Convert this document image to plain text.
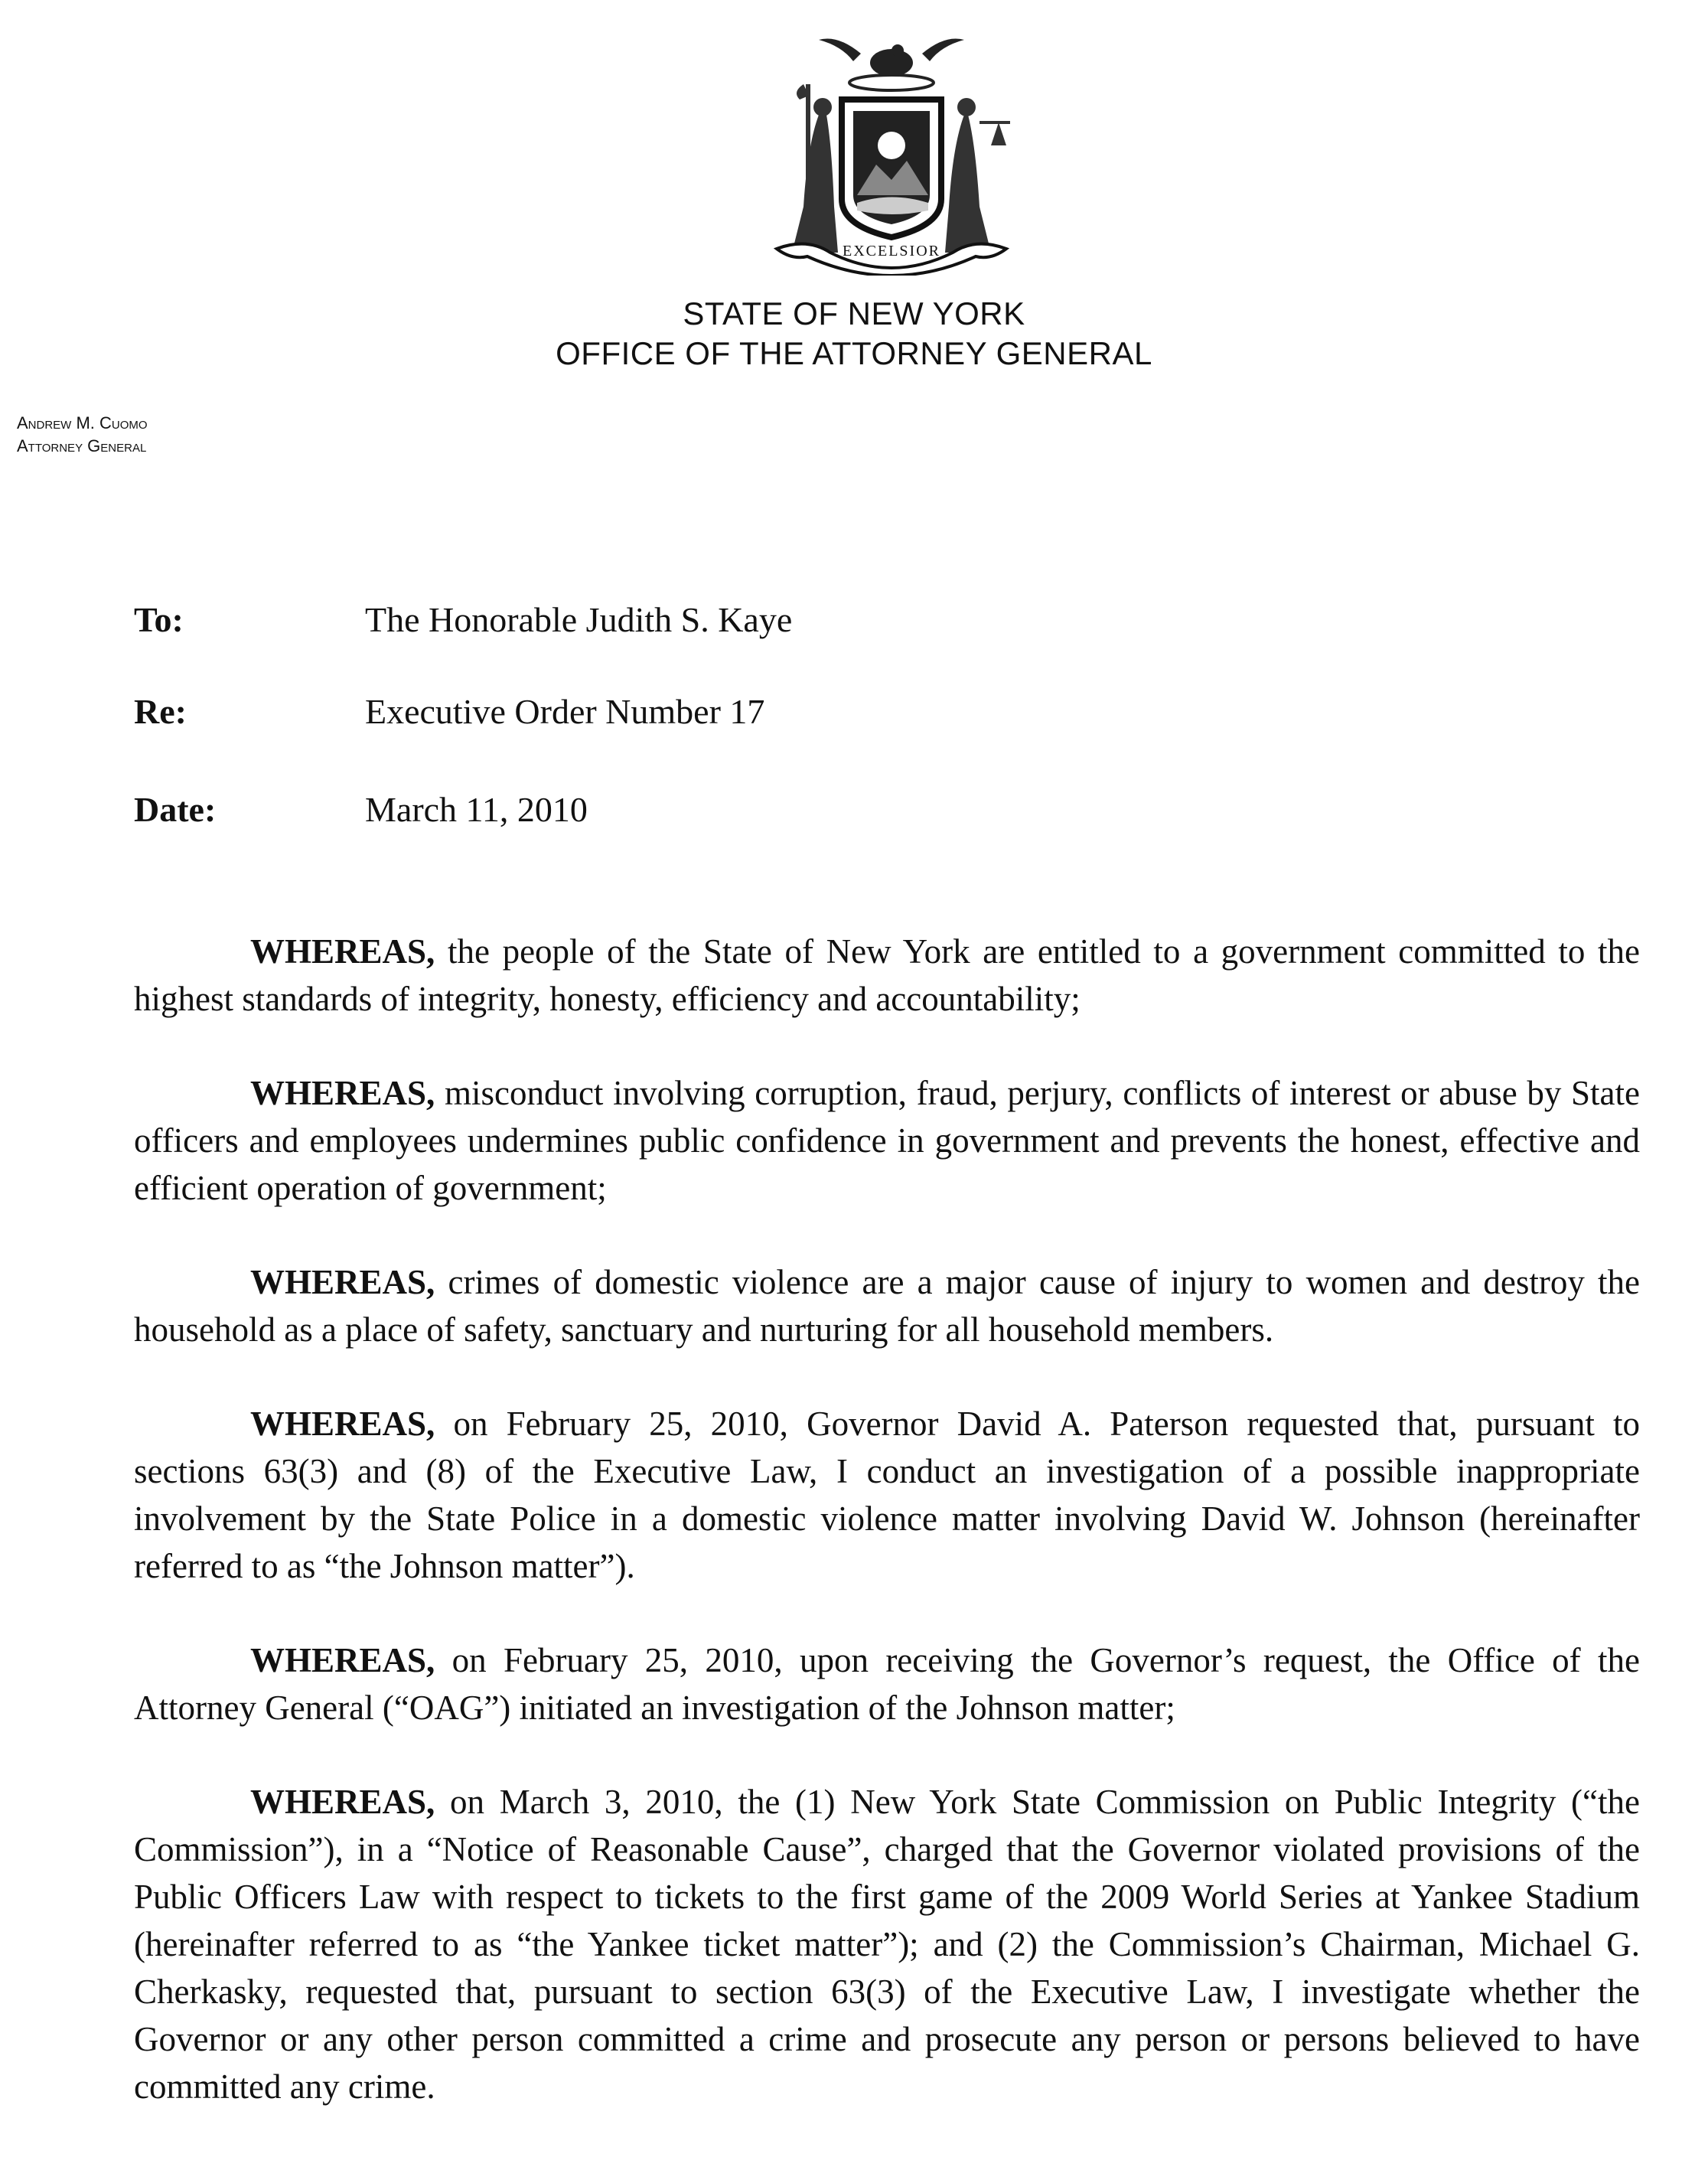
EXCELSIOR
STATE OF NEW YORK
OFFICE OF THE ATTORNEY GENERAL
Andrew M. Cuomo
Attorney General
To:	The Honorable Judith S. Kaye
Re:	Executive Order Number 17
Date:	March 11, 2010

WHEREAS, the people of the State of New York are entitled to a government committed to the highest standards of integrity, honesty, efficiency and accountability;

WHEREAS, misconduct involving corruption, fraud, perjury, conflicts of interest or abuse by State officers and employees undermines public confidence in government and prevents the honest, effective and efficient operation of government;

WHEREAS, crimes of domestic violence are a major cause of injury to women and destroy the household as a place of safety, sanctuary and nurturing for all household members.

WHEREAS, on February 25, 2010, Governor David A. Paterson requested that, pursuant to sections 63(3) and (8) of the Executive Law, I conduct an investigation of a possible inappropriate involvement by the State Police in a domestic violence matter involving David W. Johnson (hereinafter referred to as “the Johnson matter”).

WHEREAS, on February 25, 2010, upon receiving the Governor’s request, the Office of the Attorney General (“OAG”) initiated an investigation of the Johnson matter;

WHEREAS, on March 3, 2010, the (1) New York State Commission on Public Integrity (“the Commission”), in a “Notice of Reasonable Cause”, charged that the Governor violated provisions of the Public Officers Law with respect to tickets to the first game of the 2009 World Series at Yankee Stadium (hereinafter referred to as “the Yankee ticket matter”); and (2) the Commission’s Chairman, Michael G. Cherkasky, requested that, pursuant to section 63(3) of the Executive Law, I investigate whether the Governor or any other person committed a crime and prosecute any person or persons believed to have committed any crime.
